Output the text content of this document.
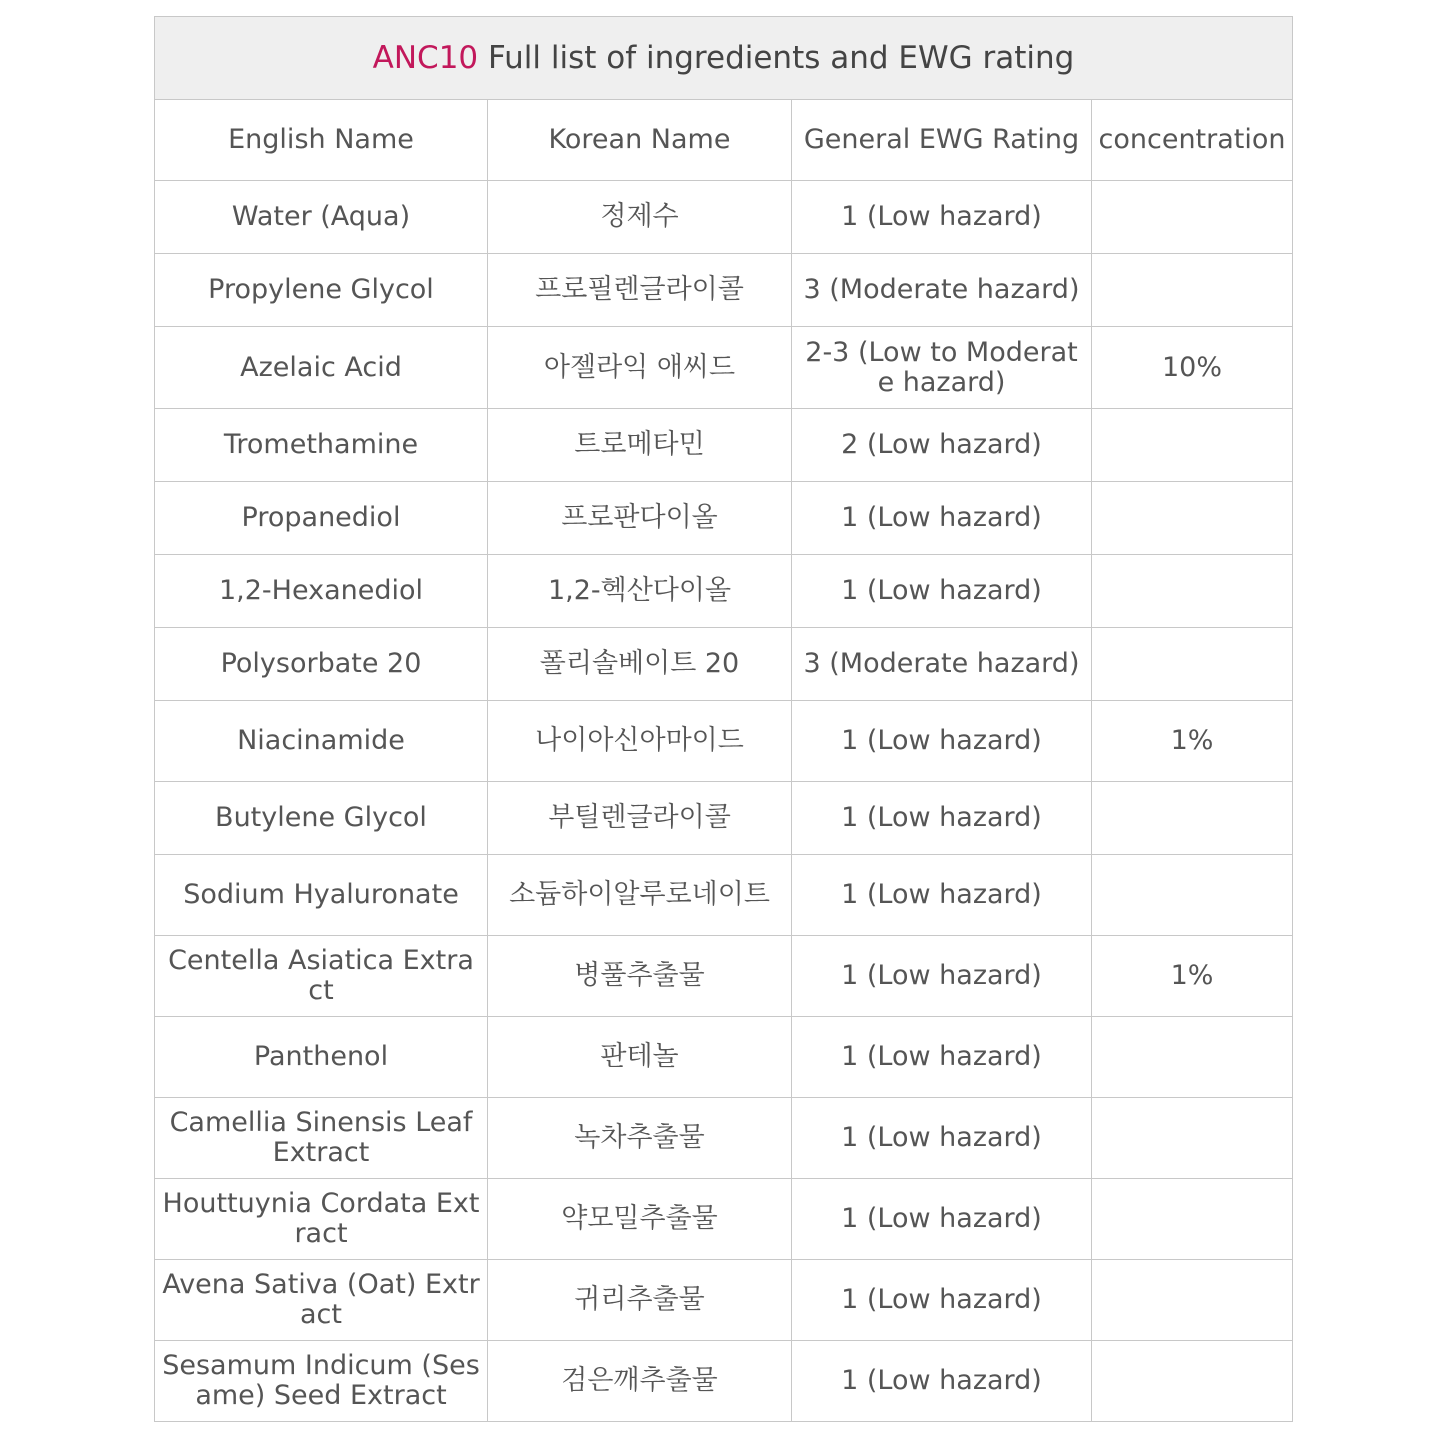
ANC10 Full list of ingredients and EWG rating			
English Name	Korean Name	General EWG Rating	concentration
Water (Aqua)	정제수	1 (Low hazard)	
Propylene Glycol	프로필렌글라이콜	3 (Moderate hazard)	
Azelaic Acid	아젤라익 애씨드	2-3 (Low to Moderate hazard)	10%
Tromethamine	트로메타민	2 (Low hazard)	
Propanediol	프로판다이올	1 (Low hazard)	
1,2-Hexanediol	1,2-헥산다이올	1 (Low hazard)	
Polysorbate 20	폴리솔베이트 20	3 (Moderate hazard)	
Niacinamide	나이아신아마이드	1 (Low hazard)	1%
Butylene Glycol	부틸렌글라이콜	1 (Low hazard)	
Sodium Hyaluronate	소듐하이알루로네이트	1 (Low hazard)	
Centella Asiatica Extract	병풀추출물	1 (Low hazard)	1%
Panthenol	판테놀	1 (Low hazard)	
Camellia Sinensis Leaf Extract	녹차추출물	1 (Low hazard)	
Houttuynia Cordata Extract	약모밀추출물	1 (Low hazard)	
Avena Sativa (Oat) Extract	귀리추출물	1 (Low hazard)	
Sesamum Indicum (Sesame) Seed Extract	검은깨추출물	1 (Low hazard)	
